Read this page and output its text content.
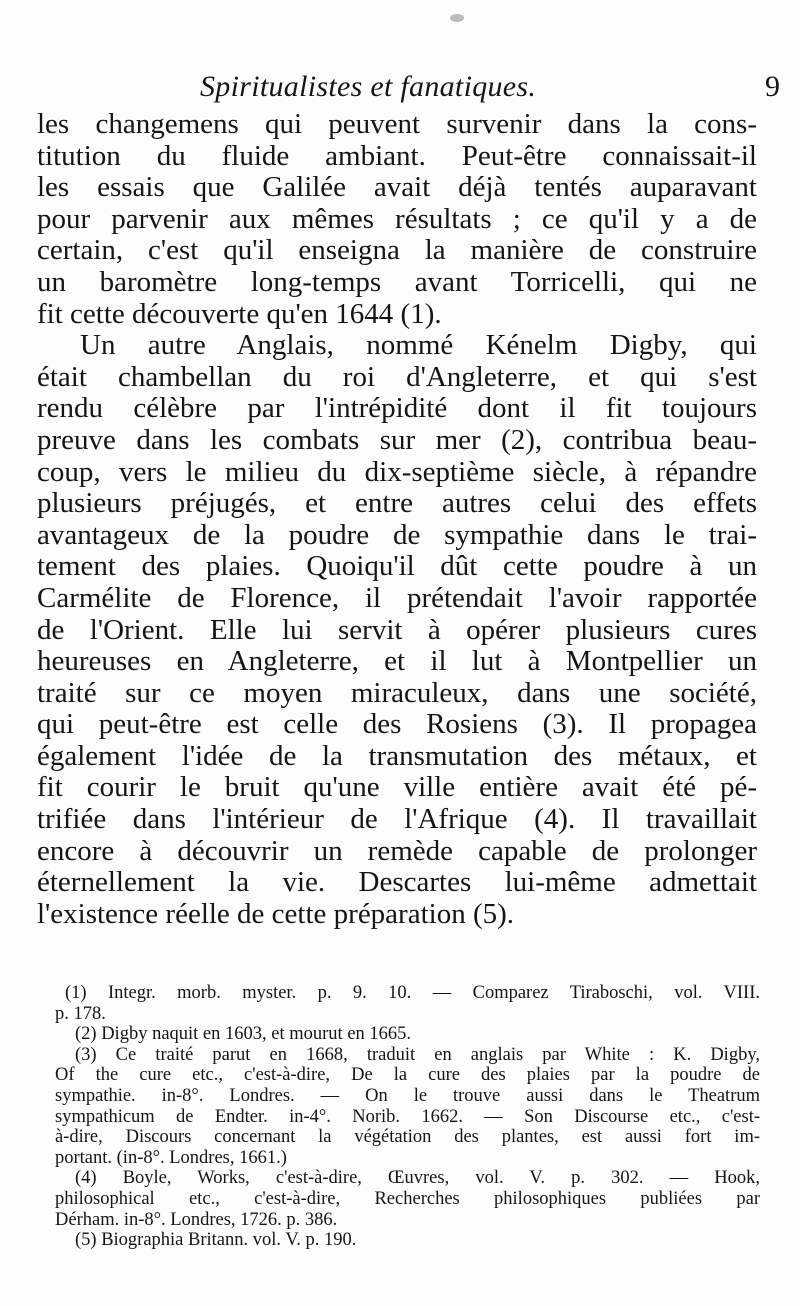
Spiritualistes et fanatiques.	9
les changemens qui peuvent survenir dans la cons-
titution du fluide ambiant. Peut-être connaissait-il
les essais que Galilée avait déjà tentés auparavant
pour parvenir aux mêmes résultats ; ce qu'il y a de
certain, c'est qu'il enseigna la manière de construire
un baromètre long-temps avant Torricelli, qui ne
fit cette découverte qu'en 1644 (1).
Un autre Anglais, nommé Kénelm Digby, qui
était chambellan du roi d'Angleterre, et qui s'est
rendu célèbre par l'intrépidité dont il fit toujours
preuve dans les combats sur mer (2), contribua beau-
coup, vers le milieu du dix-septième siècle, à répandre
plusieurs préjugés, et entre autres celui des effets
avantageux de la poudre de sympathie dans le trai-
tement des plaies. Quoiqu'il dût cette poudre à un
Carmélite de Florence, il prétendait l'avoir rapportée
de l'Orient. Elle lui servit à opérer plusieurs cures
heureuses en Angleterre, et il lut à Montpellier un
traité sur ce moyen miraculeux, dans une société,
qui peut-être est celle des Rosiens (3). Il propagea
également l'idée de la transmutation des métaux, et
fit courir le bruit qu'une ville entière avait été pé-
trifiée dans l'intérieur de l'Afrique (4). Il travaillait
encore à découvrir un remède capable de prolonger
éternellement la vie. Descartes lui-même admettait
l'existence réelle de cette préparation (5).
(1) Integr. morb. myster. p. 9. 10. — Comparez Tiraboschi, vol. VIII.
p. 178.
(2) Digby naquit en 1603, et mourut en 1665.
(3) Ce traité parut en 1668, traduit en anglais par White : K. Digby,
Of the cure etc., c'est-à-dire, De la cure des plaies par la poudre de
sympathie. in-8°. Londres. — On le trouve aussi dans le Theatrum
sympathicum de Endter. in-4°. Norib. 1662. — Son Discourse etc., c'est-
à-dire, Discours concernant la végétation des plantes, est aussi fort im-
portant. (in-8°. Londres, 1661.)
(4) Boyle, Works, c'est-à-dire, Œuvres, vol. V. p. 302. — Hook,
philosophical etc., c'est-à-dire, Recherches philosophiques publiées par
Dérham. in-8°. Londres, 1726. p. 386.
(5) Biographia Britann. vol. V. p. 190.
